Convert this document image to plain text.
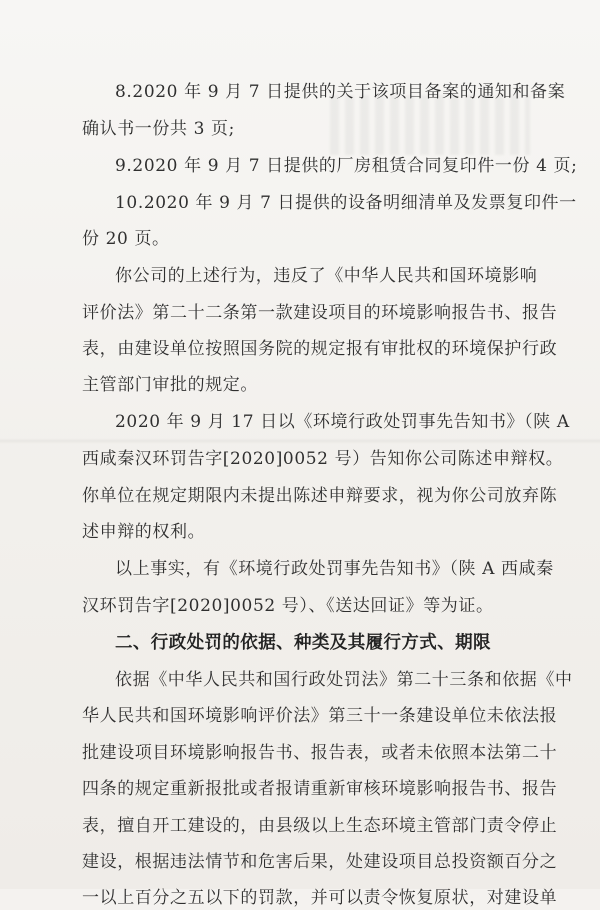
8.2020 年 9 月 7 日提供的关于该项目备案的通知和备案
确认书一份共 3 页;
9.2020 年 9 月 7 日提供的厂房租赁合同复印件一份 4 页;
10.2020 年 9 月 7 日提供的设备明细清单及发票复印件一
份 20 页。
你公司的上述行为，违反了《中华人民共和国环境影响
评价法》第二十二条第一款建设项目的环境影响报告书、报告
表，由建设单位按照国务院的规定报有审批权的环境保护行政
主管部门审批的规定。
2020 年 9 月 17 日以《环境行政处罚事先告知书》（陕 A
西咸秦汉环罚告字[2020]0052 号）告知你公司陈述申辩权。
你单位在规定期限内未提出陈述申辩要求，视为你公司放弃陈
述申辩的权利。
以上事实，有《环境行政处罚事先告知书》（陕 A 西咸秦
汉环罚告字[2020]0052 号）、《送达回证》等为证。
二、行政处罚的依据、种类及其履行方式、期限
依据《中华人民共和国行政处罚法》第二十三条和依据《中
华人民共和国环境影响评价法》第三十一条建设单位未依法报
批建设项目环境影响报告书、报告表，或者未依照本法第二十
四条的规定重新报批或者报请重新审核环境影响报告书、报告
表，擅自开工建设的，由县级以上生态环境主管部门责令停止
建设，根据违法情节和危害后果，处建设项目总投资额百分之
一以上百分之五以下的罚款，并可以责令恢复原状，对建设单
